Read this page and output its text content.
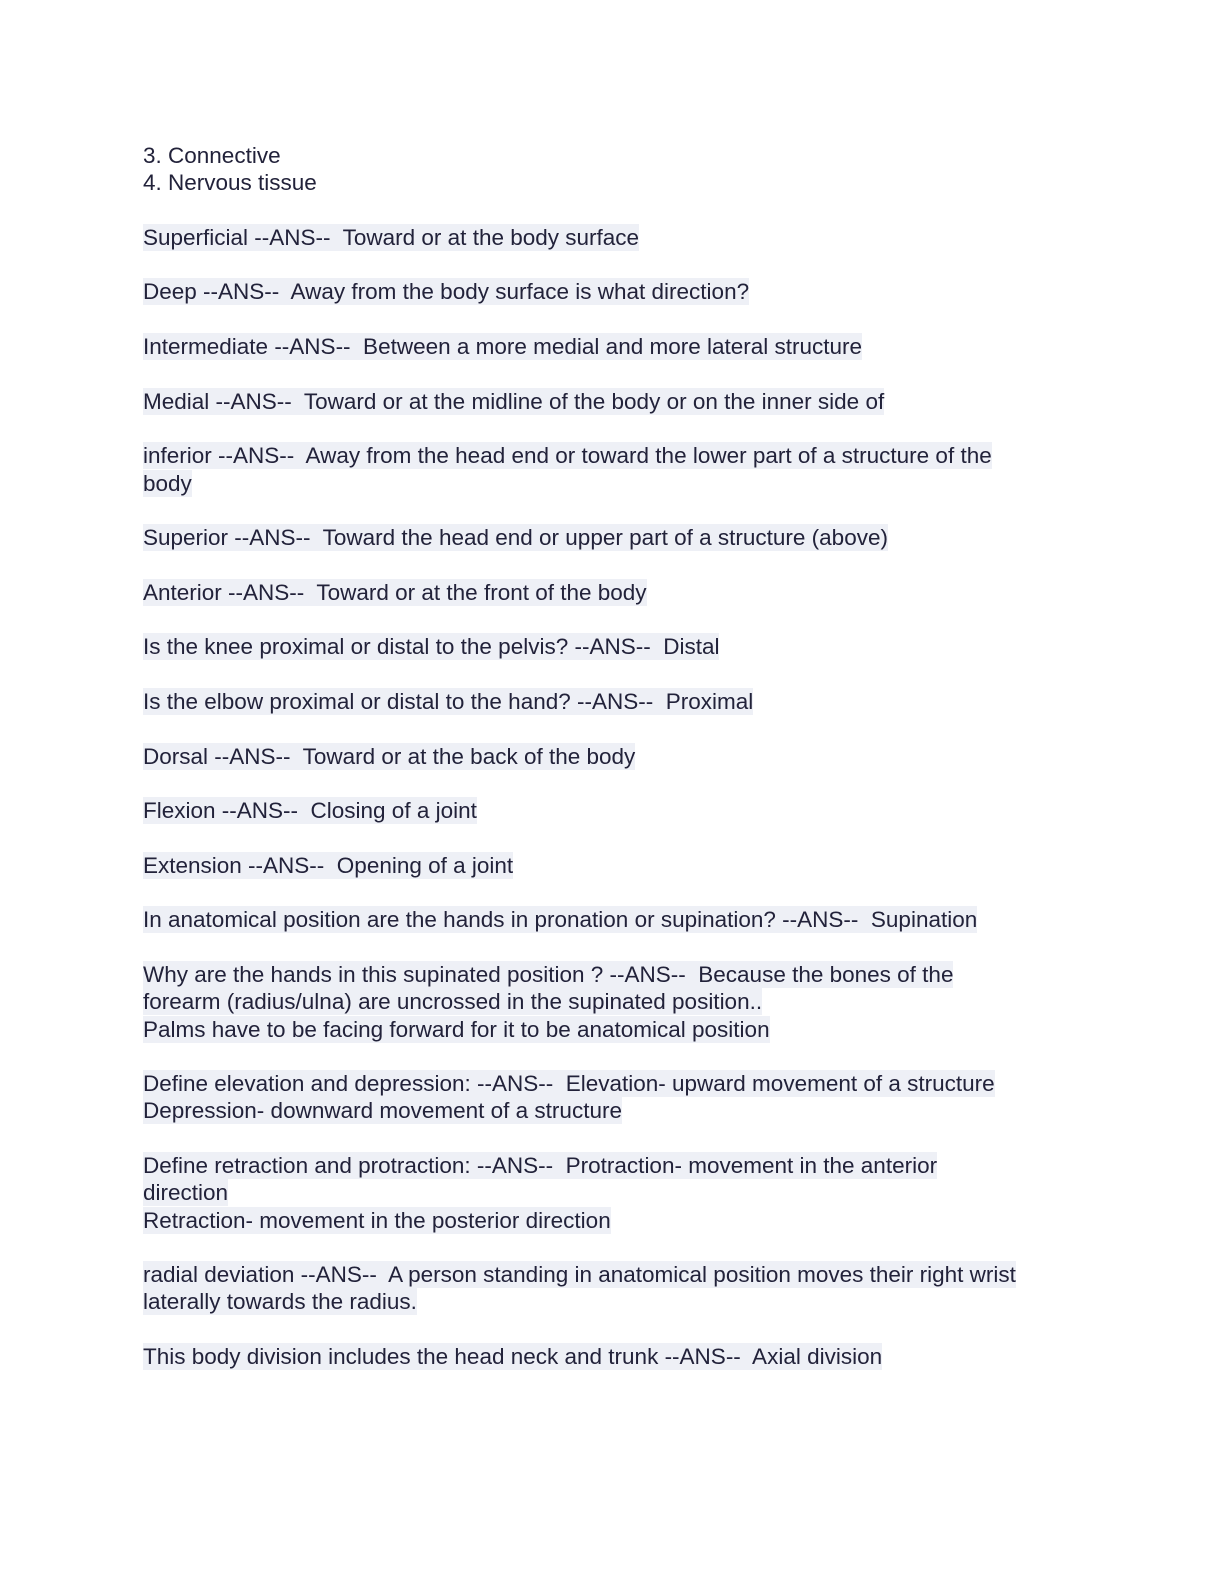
3. Connective
4. Nervous tissue
Superficial --ANS--  Toward or at the body surface
Deep --ANS--  Away from the body surface is what direction?
Intermediate --ANS--  Between a more medial and more lateral structure
Medial --ANS--  Toward or at the midline of the body or on the inner side of
inferior --ANS--  Away from the head end or toward the lower part of a structure of the
body
Superior --ANS--  Toward the head end or upper part of a structure (above)
Anterior --ANS--  Toward or at the front of the body
Is the knee proximal or distal to the pelvis? --ANS--  Distal
Is the elbow proximal or distal to the hand? --ANS--  Proximal
Dorsal --ANS--  Toward or at the back of the body
Flexion --ANS--  Closing of a joint
Extension --ANS--  Opening of a joint
In anatomical position are the hands in pronation or supination? --ANS--  Supination
Why are the hands in this supinated position ? --ANS--  Because the bones of the
forearm (radius/ulna) are uncrossed in the supinated position..
Palms have to be facing forward for it to be anatomical position
Define elevation and depression: --ANS--  Elevation- upward movement of a structure
Depression- downward movement of a structure
Define retraction and protraction: --ANS--  Protraction- movement in the anterior
direction
Retraction- movement in the posterior direction
radial deviation --ANS--  A person standing in anatomical position moves their right wrist
laterally towards the radius.
This body division includes the head neck and trunk --ANS--  Axial division
